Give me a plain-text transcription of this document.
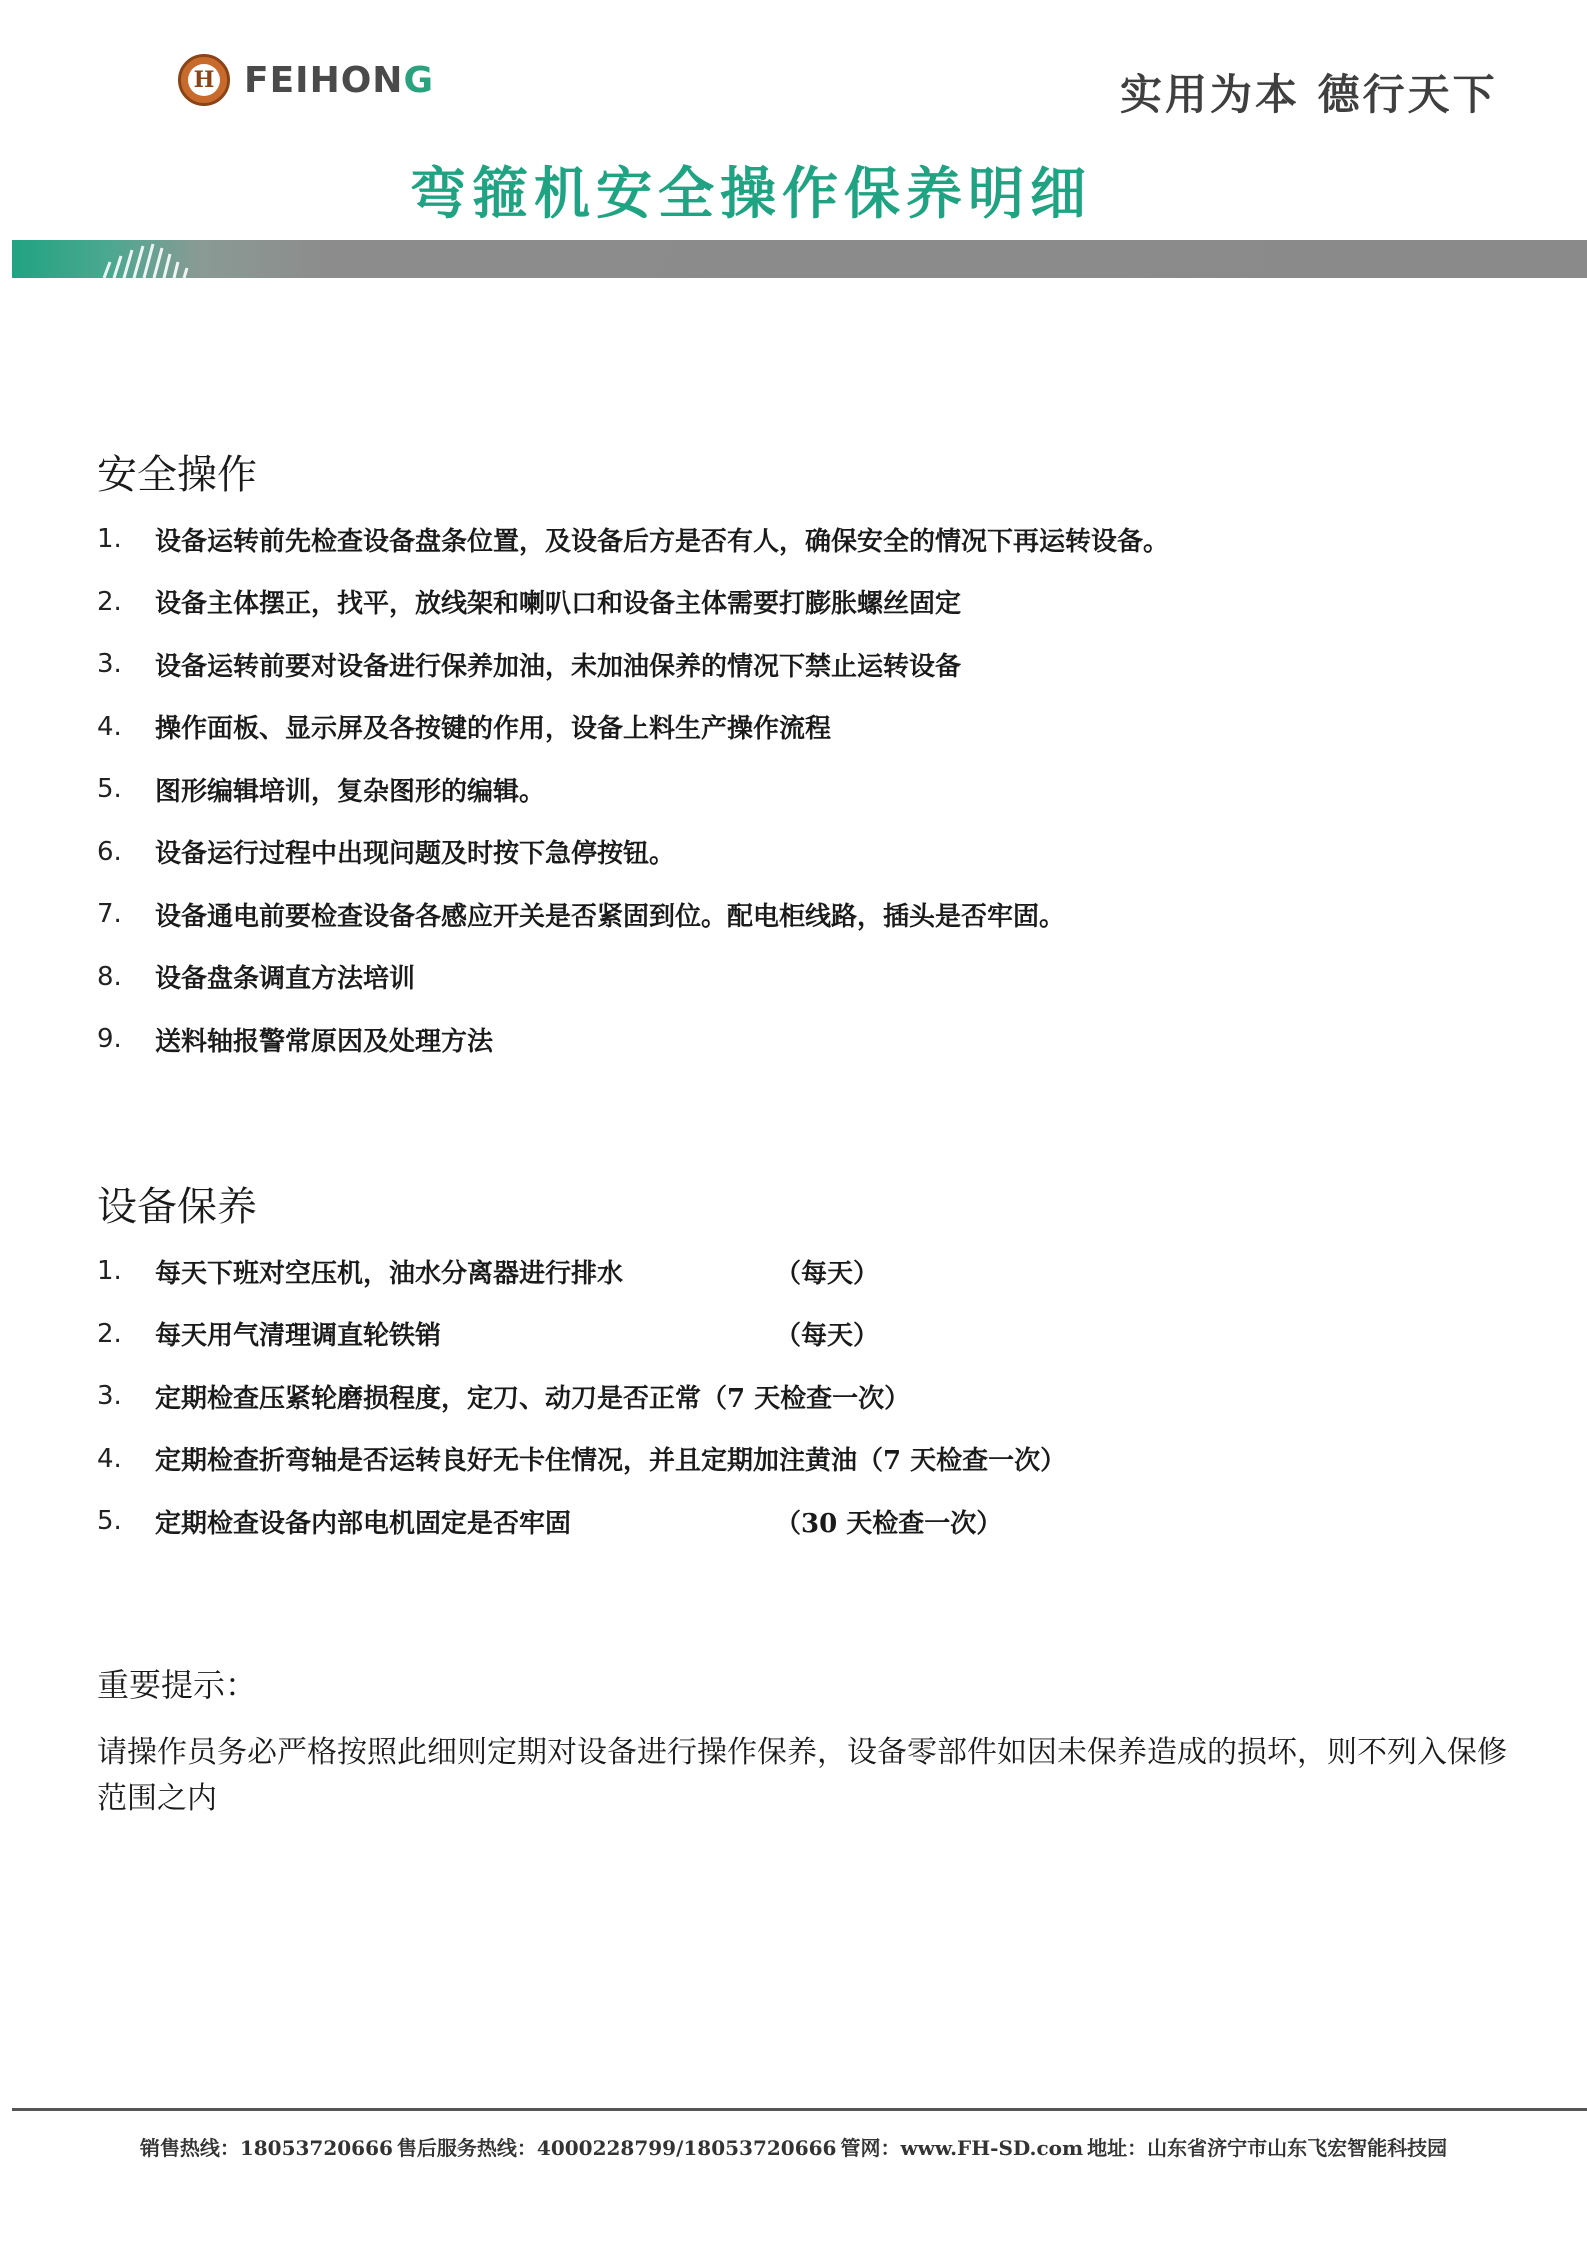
H FEIHONG	实用为本 德行天下
弯箍机安全操作保养明细
安全操作
1.	设备运转前先检查设备盘条位置，及设备后方是否有人，确保安全的情况下再运转设备。
2.	设备主体摆正，找平，放线架和喇叭口和设备主体需要打膨胀螺丝固定
3.	设备运转前要对设备进行保养加油，未加油保养的情况下禁止运转设备
4.	操作面板、显示屏及各按键的作用，设备上料生产操作流程
5.	图形编辑培训，复杂图形的编辑。
6.	设备运行过程中出现问题及时按下急停按钮。
7.	设备通电前要检查设备各感应开关是否紧固到位。配电柜线路，插头是否牢固。
8.	设备盘条调直方法培训
9.	送料轴报警常原因及处理方法
设备保养
1.	每天下班对空压机，油水分离器进行排水	（每天）
2.	每天用气清理调直轮铁销	（每天）
3.	定期检查压紧轮磨损程度，定刀、动刀是否正常 （7 天检查一次）
4.	定期检查折弯轴是否运转良好无卡住情况，并且定期加注黄油 （7 天检查一次）
5.	定期检查设备内部电机固定是否牢固	（30 天检查一次）
重要提示：
请操作员务必严格按照此细则定期对设备进行操作保养，设备零部件如因未保养造成的损坏，则不列入保修范围之内
销售热线：18053720666 售后服务热线：4000228799/18053720666 管网：www.FH-SD.com 地址：山东省济宁市山东飞宏智能科技园
